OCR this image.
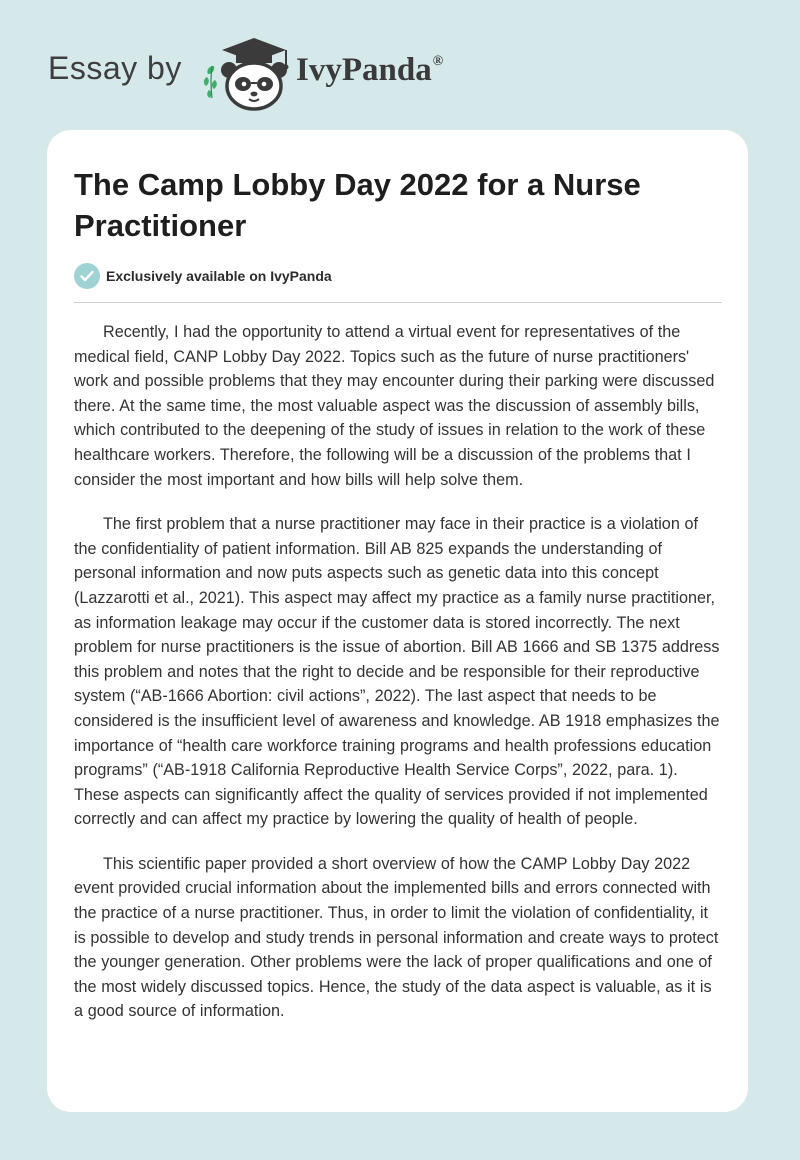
Essay by	IvyPanda®
The Camp Lobby Day 2022 for a Nurse Practitioner
Exclusively available on IvyPanda

Recently, I had the opportunity to attend a virtual event for representatives of the medical field, CANP Lobby Day 2022. Topics such as the future of nurse practitioners' work and possible problems that they may encounter during their parking were discussed there. At the same time, the most valuable aspect was the discussion of assembly bills, which contributed to the deepening of the study of issues in relation to the work of these healthcare workers. Therefore, the following will be a discussion of the problems that I consider the most important and how bills will help solve them.

The first problem that a nurse practitioner may face in their practice is a violation of the confidentiality of patient information. Bill AB 825 expands the understanding of personal information and now puts aspects such as genetic data into this concept (Lazzarotti et al., 2021). This aspect may affect my practice as a family nurse practitioner, as information leakage may occur if the customer data is stored incorrectly. The next problem for nurse practitioners is the issue of abortion. Bill AB 1666 and SB 1375 address this problem and notes that the right to decide and be responsible for their reproductive system (“AB-1666 Abortion: civil actions”, 2022). The last aspect that needs to be considered is the insufficient level of awareness and knowledge. AB 1918 emphasizes the importance of “health care workforce training programs and health professions education programs” (“AB-1918 California Reproductive Health Service Corps”, 2022, para. 1). These aspects can significantly affect the quality of services provided if not implemented correctly and can affect my practice by lowering the quality of health of people.

This scientific paper provided a short overview of how the CAMP Lobby Day 2022 event provided crucial information about the implemented bills and errors connected with the practice of a nurse practitioner. Thus, in order to limit the violation of confidentiality, it is possible to develop and study trends in personal information and create ways to protect the younger generation. Other problems were the lack of proper qualifications and one of the most widely discussed topics. Hence, the study of the data aspect is valuable, as it is a good source of information.
